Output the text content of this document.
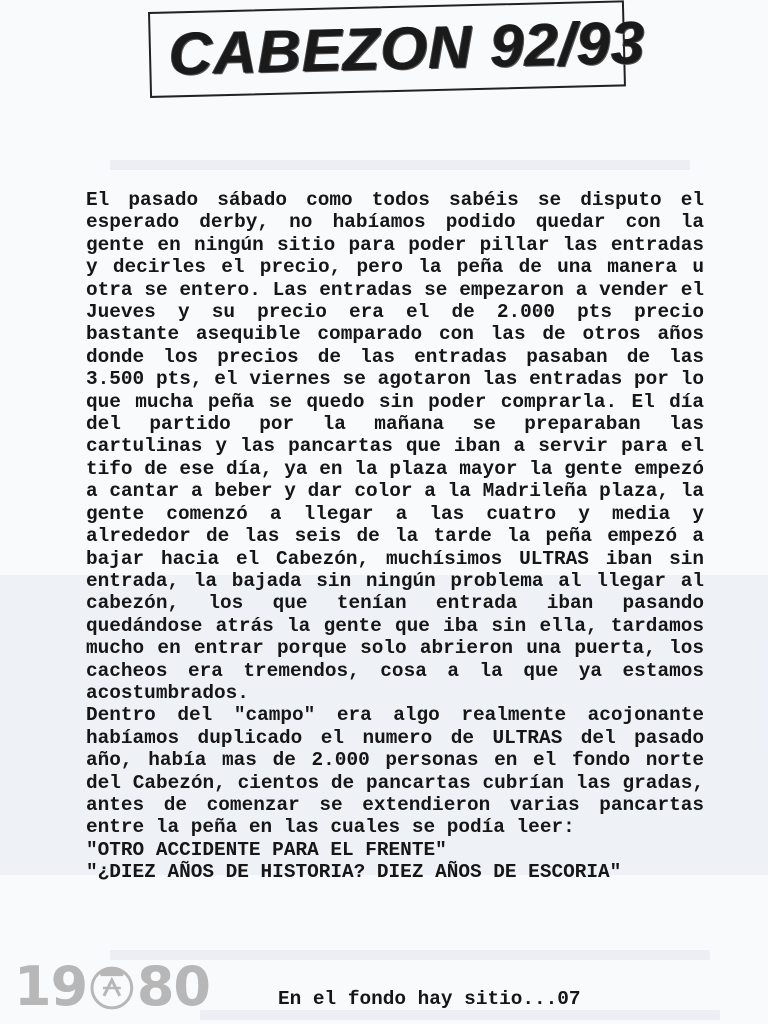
CABEZON 92/93

El pasado sábado como todos sabéis se disputo el esperado derby, no habíamos podido quedar con la gente en ningún sitio para poder pillar las entradas y decirles el precio, pero la peña de una manera u otra se entero. Las entradas se empezaron a vender el Jueves y su precio era el de 2.000 pts precio bastante asequible comparado con las de otros años donde los precios de las entradas pasaban de las 3.500 pts, el viernes se agotaron las entradas por lo que mucha peña se quedo sin poder comprarla. El día del partido por la mañana se preparaban las cartulinas y las pancartas que iban a servir para el tifo de ese día, ya en la plaza mayor la gente empezó a cantar a beber y dar color a la Madrileña plaza, la gente comenzó a llegar a las cuatro y media y alrededor de las seis de la tarde la peña empezó a bajar hacia el Cabezón, muchísimos ULTRAS iban sin entrada, la bajada sin ningún problema al llegar al cabezón, los que tenían entrada iban pasando quedándose atrás la gente que iba sin ella, tardamos mucho en entrar porque solo abrieron una puerta, los cacheos era tremendos, cosa a la que ya estamos acostumbrados.

Dentro del "campo" era algo realmente acojonante habíamos duplicado el numero de ULTRAS del pasado año, había mas de 2.000 personas en el fondo norte del Cabezón, cientos de pancartas cubrían las gradas, antes de comenzar se extendieron varias pancartas entre la peña en las cuales se podía leer:

"OTRO ACCIDENTE PARA EL FRENTE"
"¿DIEZ AÑOS DE HISTORIA? DIEZ AÑOS DE ESCORIA"
En el fondo hay sitio...07
19 80
